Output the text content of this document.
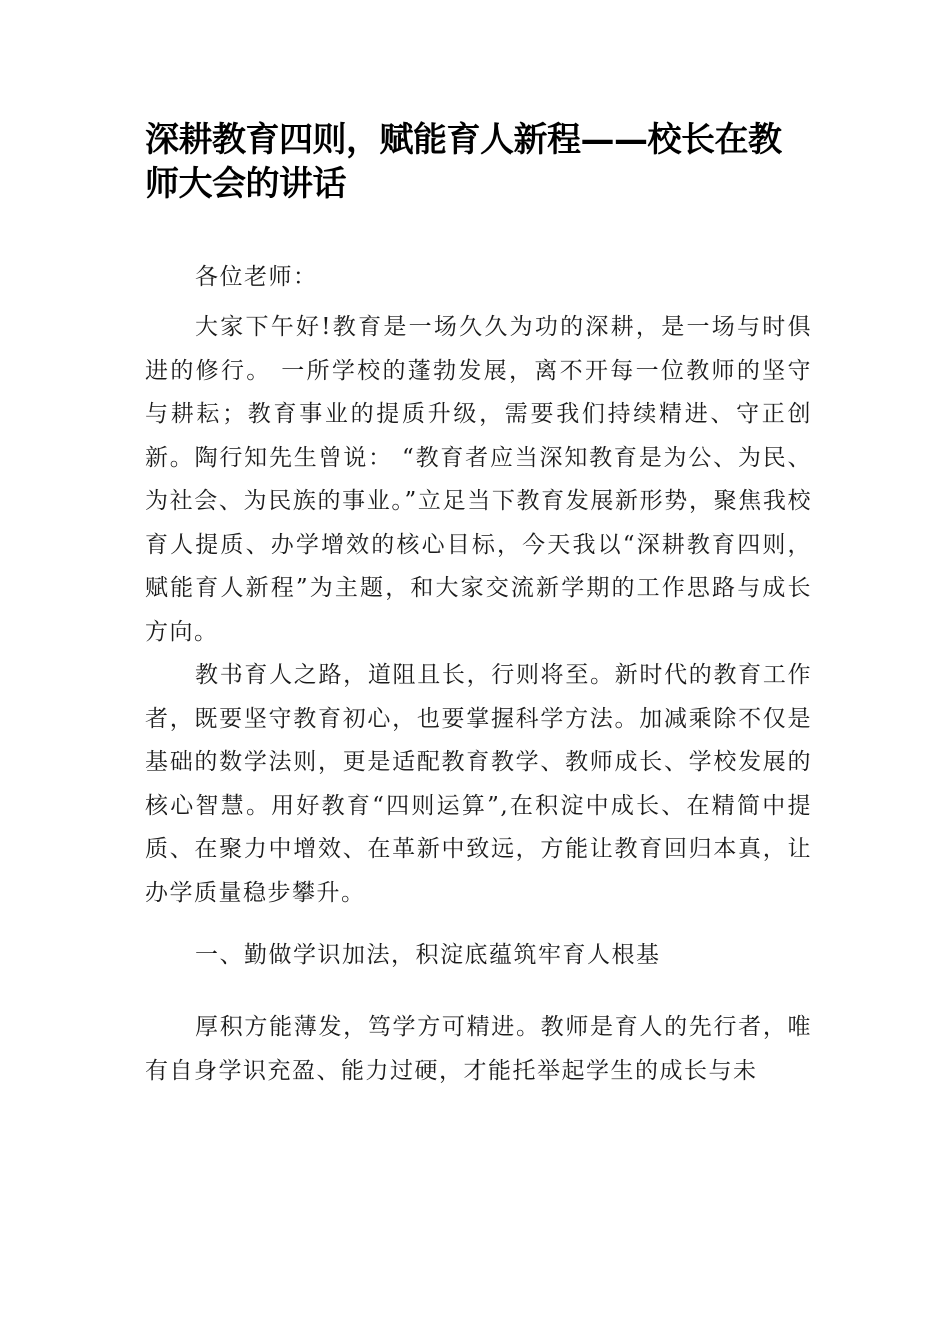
深耕教育四则，赋能育人新程——校长在教师大会的讲话

各位老师：

大家下午好!教育是一场久久为功的深耕，是一场与时俱进的修行。 一所学校的蓬勃发展，离不开每一位教师的坚守与耕耘；教育事业的提质升级，需要我们持续精进、守正创新。陶行知先生曾说： “教育者应当深知教育是为公、为民、为社会、为民族的事业。”立足当下教育发展新形势，聚焦我校育人提质、办学增效的核心目标，今天我以“深耕教育四则，赋能育人新程”为主题，和大家交流新学期的工作思路与成长方向。

教书育人之路，道阻且长，行则将至。新时代的教育工作者，既要坚守教育初心，也要掌握科学方法。加减乘除不仅是基础的数学法则，更是适配教育教学、教师成长、学校发展的核心智慧。用好教育“四则运算”,在积淀中成长、在精简中提质、在聚力中增效、在革新中致远，方能让教育回归本真，让办学质量稳步攀升。

一、勤做学识加法，积淀底蕴筑牢育人根基

厚积方能薄发，笃学方可精进。教师是育人的先行者，唯有自身学识充盈、能力过硬，才能托举起学生的成长与未
